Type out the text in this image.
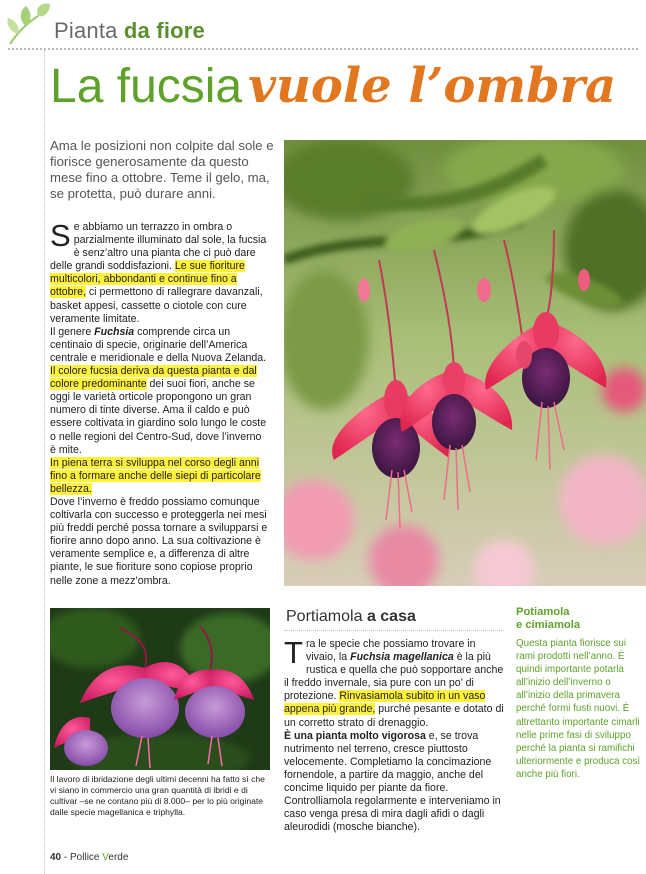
Pianta da fiore
La fucsia vuole l’ombra
Ama le posizioni non colpite dal sole e fiorisce generosamente da questo mese fino a ottobre. Teme il gelo, ma, se protetta, può durare anni.

Se abbiamo un terrazzo in ombra o parzialmente illuminato dal sole, la fucsia è senz’altro una pianta che ci può dare delle grandi soddisfazioni. Le sue fioriture multicolori, abbondanti e continue fino a ottobre, ci permettono di rallegrare davanzali, basket appesi, cassette o ciotole con cure veramente limitate.

Il genere Fuchsia comprende circa un centinaio di specie, originarie dell’America centrale e meridionale e della Nuova Zelanda. Il colore fucsia deriva da questa pianta e dal colore predominante dei suoi fiori, anche se oggi le varietà orticole propongono un gran numero di tinte diverse. Ama il caldo e può essere coltivata in giardino solo lungo le coste o nelle regioni del Centro-Sud, dove l’inverno è mite.

In piena terra si sviluppa nel corso degli anni fino a formare anche delle siepi di particolare bellezza.

Dove l’inverno è freddo possiamo comunque coltivarla con successo e proteggerla nei mesi più freddi perché possa tornare a svilupparsi e fiorire anno dopo anno. La sua coltivazione è veramente semplice e, a differenza di altre piante, le sue fioriture sono copiose proprio nelle zone a mezz’ombra.

Il lavoro di ibridazione degli ultimi decenni ha fatto sì che vi siano in commercio una gran quantità di ibridi e di cultivar –se ne contano più di 8.000– per lo più originate dalle specie magellanica e triphylla.
Portiamola a casa

Tra le specie che possiamo trovare in vivaio, la Fuchsia magellanica è la più rustica e quella che può sopportare anche il freddo invernale, sia pure con un po’ di protezione. Rinvasiamola subito in un vaso appena più grande, purché pesante e dotato di un corretto strato di drenaggio.

È una pianta molto vigorosa e, se trova nutrimento nel terreno, cresce piuttosto velocemente. Completiamo la concimazione fornendole, a partire da maggio, anche del concime liquido per piante da fiore. Controlliamola regolarmente e interveniamo in caso venga presa di mira dagli afidi o dagli aleurodidi (mosche bianche).

Potiamola
e cimiamola
Questa pianta fiorisce sui rami prodotti nell’anno. È quindi importante potarla all’inizio dell’inverno o all’inizio della primavera perché formi fusti nuovi. È altrettanto importante cimarli nelle prime fasi di sviluppo perché la pianta si ramifichi ulteriormente e produca così anche più fiori.
40 - Pollice Verde
